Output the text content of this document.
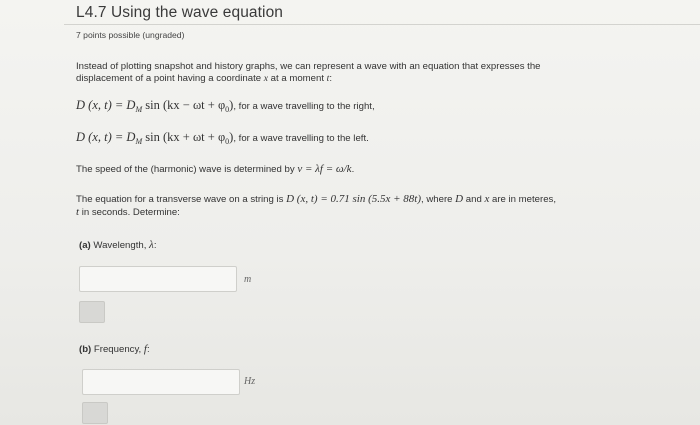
L4.7 Using the wave equation
7 points possible (ungraded)
Instead of plotting snapshot and history graphs, we can represent a wave with an equation that expresses the
displacement of a point having a coordinate x at a moment t:
D (x, $t) = D_M$ $\sin (kx - \omega t + \varphi_0)$, for a wave travelling to the right,
D (x, $t) = D_M$ $\sin (kx + \omega t + \varphi_0)$, for a wave travelling to the left.
The speed of the (harmonic) wave is determined by v = λf = ω/k.
The equation for a transverse wave on a string is D (x, t) = 0.71 sin (5.5x + 88t), where D and x are in meteres,
t in seconds. Determine:
(a) Wavelength, λ:
m
(b) Frequency, f:
Hz
